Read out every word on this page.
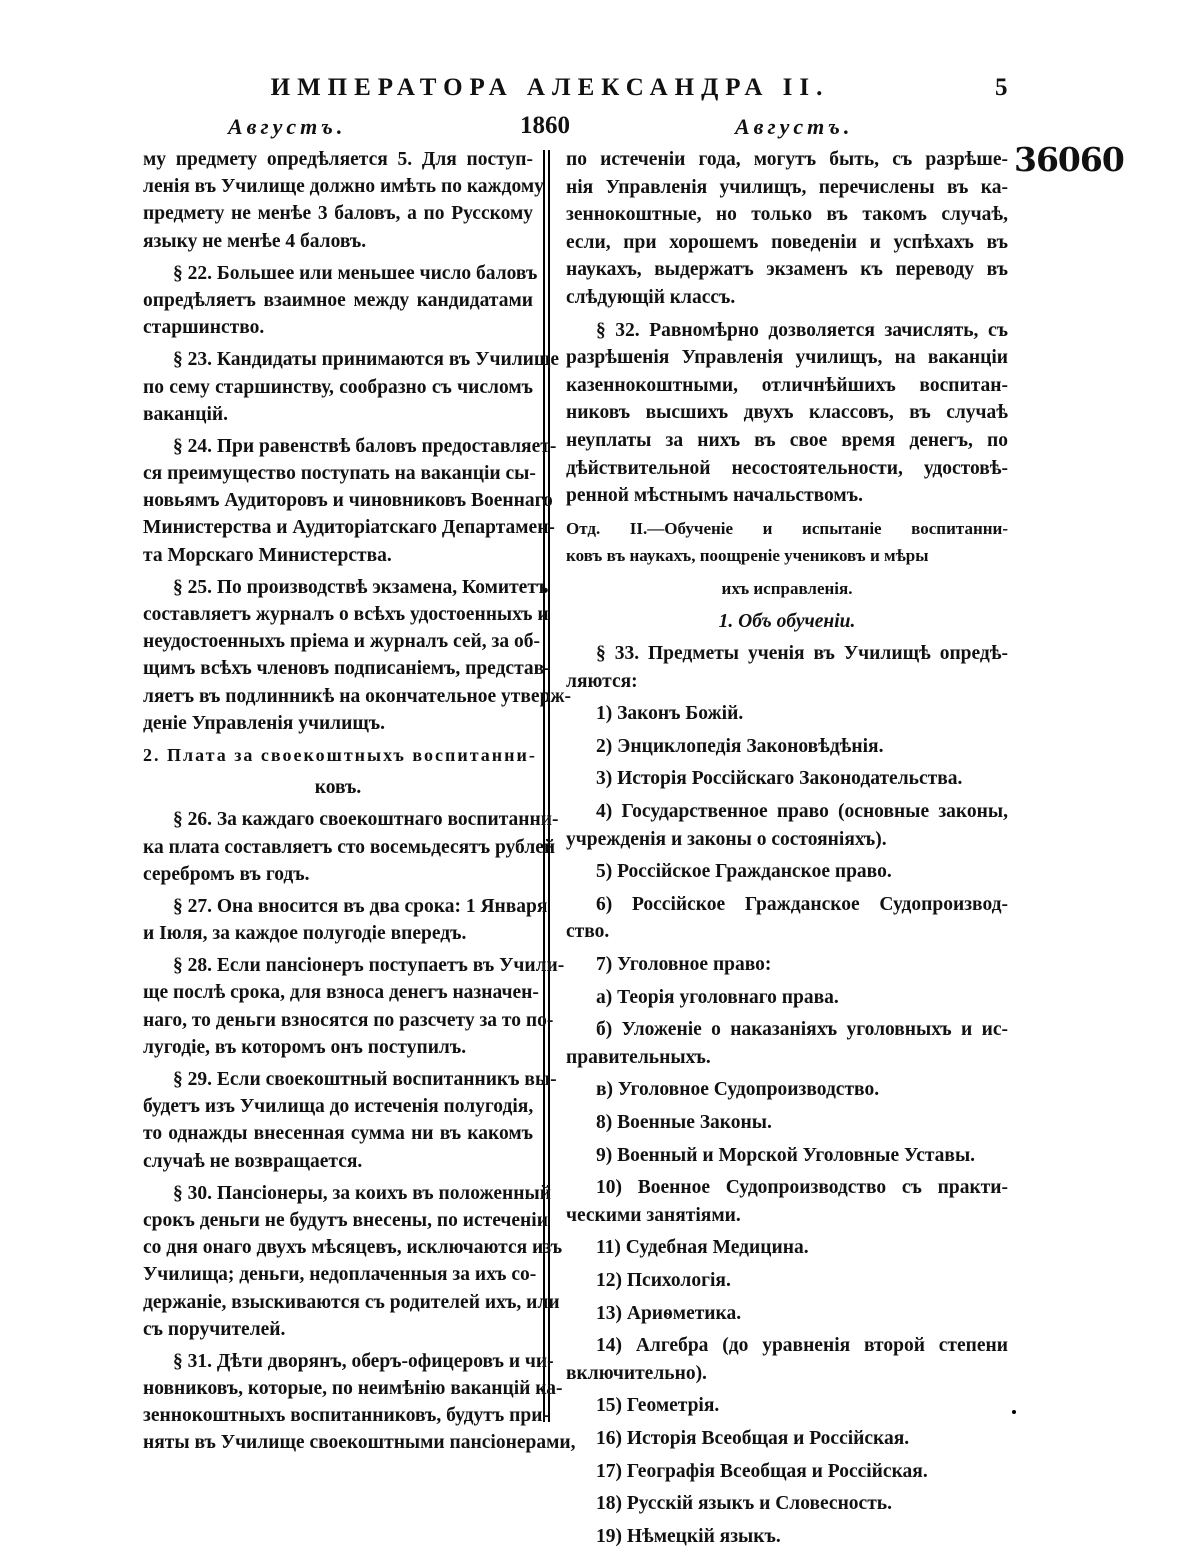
ИМПЕРАТОРА АЛЕКСАНДРА II.	5
Августъ.	1860	Августъ.
36060
му предмету опредѣляется 5. Для поступ-
ленія въ Училище должно имѣть по каждому
предмету не менѣе 3 баловъ, а по Русскому
языку не менѣе 4 баловъ.
§ 22. Большее или меньшее число баловъ
опредѣляетъ взаимное между кандидатами
старшинство.
§ 23. Кандидаты принимаются въ Училище
по сему старшинству, сообразно съ числомъ
ваканцій.
§ 24. При равенствѣ баловъ предоставляет-
ся преимущество поступать на ваканціи сы-
новьямъ Аудиторовъ и чиновниковъ Военнаго
Министерства и Аудиторіатскаго Департамен-
та Морскаго Министерства.
§ 25. По производствѣ экзамена, Комитетъ
составляетъ журналъ о всѣхъ удостоенныхъ и
неудостоенныхъ пріема и журналъ сей, за об-
щимъ всѣхъ членовъ подписаніемъ, представ-
ляетъ въ подлинникѣ на окончательное утверж-
деніе Управленія училищъ.
2. Плата за своекоштныхъ воспитанни-
ковъ.
§ 26. За каждаго своекоштнаго воспитанни-
ка плата составляетъ сто восемьдесятъ рублей
серебромъ въ годъ.
§ 27. Она вносится въ два срока: 1 Января
и Іюля, за каждое полугодіе впередъ.
§ 28. Если пансіонеръ поступаетъ въ Учили-
ще послѣ срока, для взноса денегъ назначен-
наго, то деньги взносятся по разсчету за то по-
лугодіе, въ которомъ онъ поступилъ.
§ 29. Если своекоштный воспитанникъ вы-
будетъ изъ Училища до истеченія полугодія,
то однажды внесенная сумма ни въ какомъ
случаѣ не возвращается.
§ 30. Пансіонеры, за коихъ въ положенный
срокъ деньги не будутъ внесены, по истеченіи
со дня онаго двухъ мѣсяцевъ, исключаются изъ
Училища; деньги, недоплаченныя за ихъ со-
держаніе, взыскиваются съ родителей ихъ, или
съ поручителей.
§ 31. Дѣти дворянъ, оберъ-офицеровъ и чи-
новниковъ, которые, по неимѣнію ваканцій ка-
зеннокоштныхъ воспитанниковъ, будутъ при-
няты въ Училище своекоштными пансіонерами,
по истеченіи года, могутъ быть, съ разрѣше-
нія Управленія училищъ, перечислены въ ка-
зеннокоштные, но только въ такомъ случаѣ,
если, при хорошемъ поведеніи и успѣхахъ въ
наукахъ, выдержатъ экзаменъ къ переводу въ
слѣдующій классъ.
§ 32. Равномѣрно дозволяется зачислять, съ
разрѣшенія Управленія училищъ, на ваканціи
казеннокоштными, отличнѣйшихъ воспитан-
никовъ высшихъ двухъ классовъ, въ случаѣ
неуплаты за нихъ въ свое время денегъ, по
дѣйствительной несостоятельности, удостовѣ-
ренной мѣстнымъ начальствомъ.
Отд. II.—Обученіе и испытаніе воспитанни-
ковъ въ наукахъ, поощреніе учениковъ и мѣры
ихъ исправленія.
1. Объ обученіи.
§ 33. Предметы ученія въ Училищѣ опредѣ-
ляются:
1) Законъ Божій.
2) Энциклопедія Законовѣдѣнія.
3) Исторія Россійскаго Законодательства.
4) Государственное право (основные законы,
учрежденія и законы о состояніяхъ).
5) Россійское Гражданское право.
6) Россійское Гражданское Судопроизвод-
ство.
7) Уголовное право:
а) Теорія уголовнаго права.
б) Уложеніе о наказаніяхъ уголовныхъ и ис-
правительныхъ.
в) Уголовное Судопроизводство.
8) Военные Законы.
9) Военный и Морской Уголовные Уставы.
10) Военное Судопроизводство съ практи-
ческими занятіями.
11) Судебная Медицина.
12) Психологія.
13) Ариѳметика.
14) Алгебра (до уравненія второй степени
включительно).
15) Геометрія.
16) Исторія Всеобщая и Россійская.
17) Географія Всеобщая и Россійская.
18) Русскій языкъ и Словесность.
19) Нѣмецкій языкъ.
